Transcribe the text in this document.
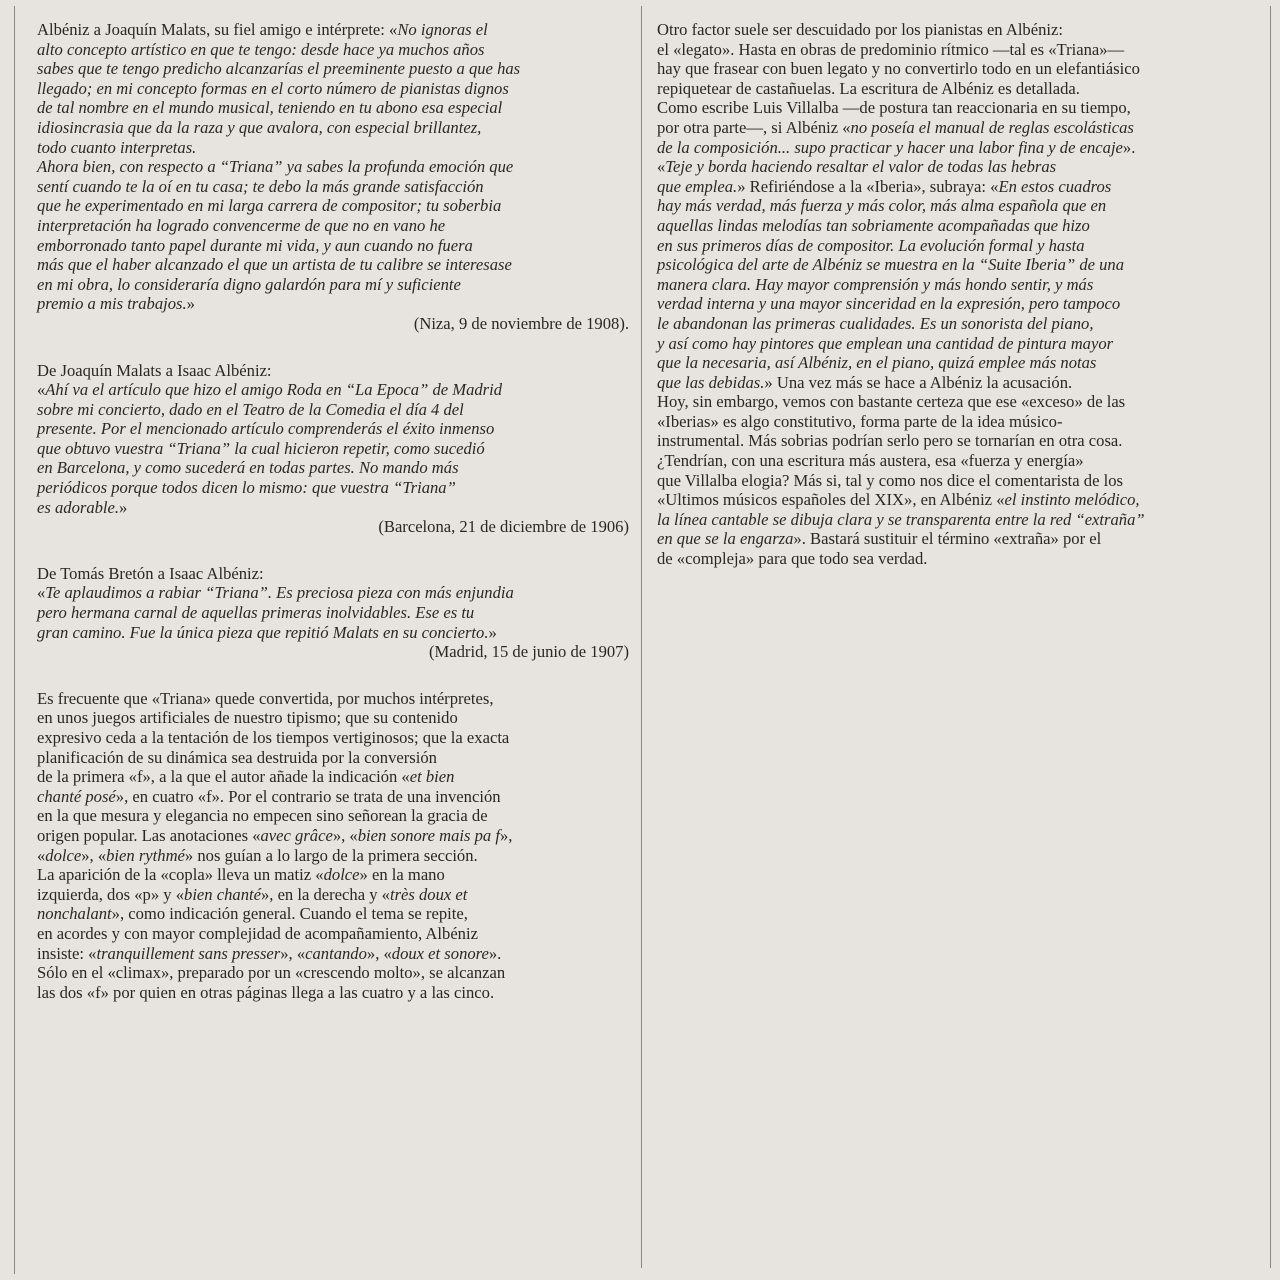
Albéniz a Joaquín Malats, su fiel amigo e intérprete: «No ignoras el
alto concepto artístico en que te tengo: desde hace ya muchos años
sabes que te tengo predicho alcanzarías el preeminente puesto a que has
llegado; en mi concepto formas en el corto número de pianistas dignos
de tal nombre en el mundo musical, teniendo en tu abono esa especial
idiosincrasia que da la raza y que avalora, con especial brillantez,
todo cuanto interpretas.
Ahora bien, con respecto a “Triana” ya sabes la profunda emoción que
sentí cuando te la oí en tu casa; te debo la más grande satisfacción
que he experimentado en mi larga carrera de compositor; tu soberbia
interpretación ha logrado convencerme de que no en vano he
emborronado tanto papel durante mi vida, y aun cuando no fuera
más que el haber alcanzado el que un artista de tu calibre se interesase
en mi obra, lo consideraría digno galardón para mí y suficiente
premio a mis trabajos.»
(Niza, 9 de noviembre de 1908).
De Joaquín Malats a Isaac Albéniz:
«Ahí va el artículo que hizo el amigo Roda en “La Epoca” de Madrid
sobre mi concierto, dado en el Teatro de la Comedia el día 4 del
presente. Por el mencionado artículo comprenderás el éxito inmenso
que obtuvo vuestra “Triana” la cual hicieron repetir, como sucedió
en Barcelona, y como sucederá en todas partes. No mando más
periódicos porque todos dicen lo mismo: que vuestra “Triana”
es adorable.»
(Barcelona, 21 de diciembre de 1906)
De Tomás Bretón a Isaac Albéniz:
«Te aplaudimos a rabiar “Triana”. Es preciosa pieza con más enjundia
pero hermana carnal de aquellas primeras inolvidables. Ese es tu
gran camino. Fue la única pieza que repitió Malats en su concierto.»
(Madrid, 15 de junio de 1907)
Es frecuente que «Triana» quede convertida, por muchos intérpretes,
en unos juegos artificiales de nuestro tipismo; que su contenido
expresivo ceda a la tentación de los tiempos vertiginosos; que la exacta
planificación de su dinámica sea destruida por la conversión
de la primera «f», a la que el autor añade la indicación «et bien
chanté posé», en cuatro «f». Por el contrario se trata de una invención
en la que mesura y elegancia no empecen sino señorean la gracia de
origen popular. Las anotaciones «avec grâce», «bien sonore mais pa f»,
«dolce», «bien rythmé» nos guían a lo largo de la primera sección.
La aparición de la «copla» lleva un matiz «dolce» en la mano
izquierda, dos «p» y «bien chanté», en la derecha y «très doux et
nonchalant», como indicación general. Cuando el tema se repite,
en acordes y con mayor complejidad de acompañamiento, Albéniz
insiste: «tranquillement sans presser», «cantando», «doux et sonore».
Sólo en el «climax», preparado por un «crescendo molto», se alcanzan
las dos «f» por quien en otras páginas llega a las cuatro y a las cinco.
Otro factor suele ser descuidado por los pianistas en Albéniz:
el «legato». Hasta en obras de predominio rítmico —tal es «Triana»—
hay que frasear con buen legato y no convertirlo todo en un elefantiásico
repiquetear de castañuelas. La escritura de Albéniz es detallada.
Como escribe Luis Villalba —de postura tan reaccionaria en su tiempo,
por otra parte—, si Albéniz «no poseía el manual de reglas escolásticas
de la composición... supo practicar y hacer una labor fina y de encaje».
«Teje y borda haciendo resaltar el valor de todas las hebras
que emplea.» Refiriéndose a la «Iberia», subraya: «En estos cuadros
hay más verdad, más fuerza y más color, más alma española que en
aquellas lindas melodías tan sobriamente acompañadas que hizo
en sus primeros días de compositor. La evolución formal y hasta
psicológica del arte de Albéniz se muestra en la “Suite Iberia” de una
manera clara. Hay mayor comprensión y más hondo sentir, y más
verdad interna y una mayor sinceridad en la expresión, pero tampoco
le abandonan las primeras cualidades. Es un sonorista del piano,
y así como hay pintores que emplean una cantidad de pintura mayor
que la necesaria, así Albéniz, en el piano, quizá emplee más notas
que las debidas.» Una vez más se hace a Albéniz la acusación.
Hoy, sin embargo, vemos con bastante certeza que ese «exceso» de las
«Iberias» es algo constitutivo, forma parte de la idea músico-
instrumental. Más sobrias podrían serlo pero se tornarían en otra cosa.
¿Tendrían, con una escritura más austera, esa «fuerza y energía»
que Villalba elogia? Más si, tal y como nos dice el comentarista de los
«Ultimos músicos españoles del XIX», en Albéniz «el instinto melódico,
la línea cantable se dibuja clara y se transparenta entre la red “extraña”
en que se la engarza». Bastará sustituir el término «extraña» por el
de «compleja» para que todo sea verdad.
